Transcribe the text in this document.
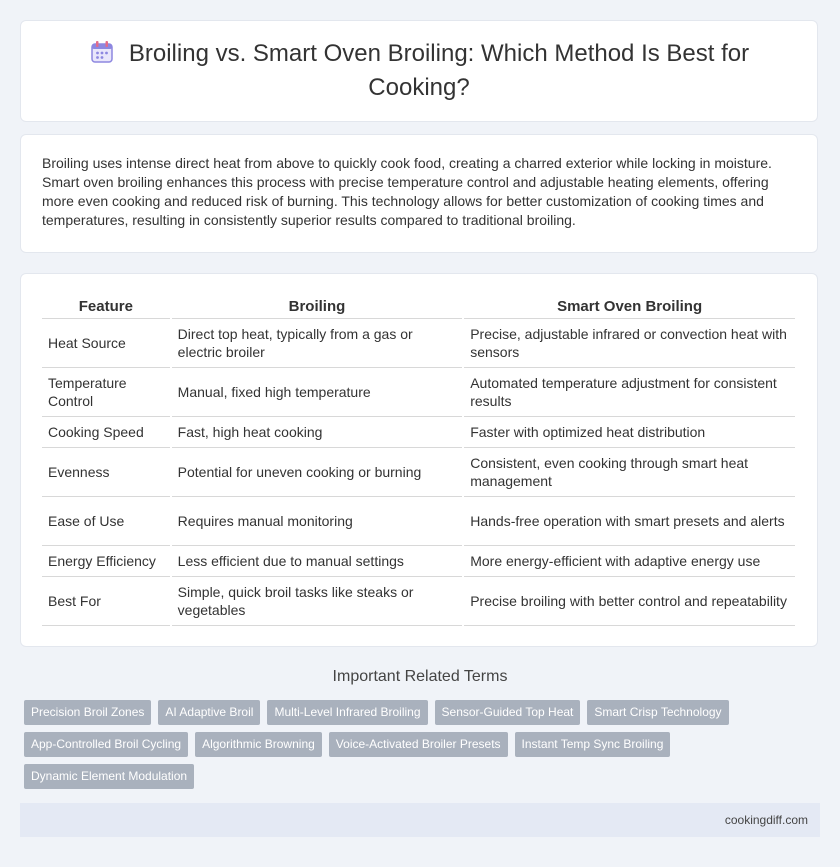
Broiling vs. Smart Oven Broiling: Which Method Is Best for Cooking?

Broiling uses intense direct heat from above to quickly cook food, creating a charred exterior while locking in moisture. Smart oven broiling enhances this process with precise temperature control and adjustable heating elements, offering more even cooking and reduced risk of burning. This technology allows for better customization of cooking times and temperatures, resulting in consistently superior results compared to traditional broiling.

Feature	Broiling	Smart Oven Broiling
Heat Source	Direct top heat, typically from a gas or electric broiler	Precise, adjustable infrared or convection heat with sensors
Temperature Control	Manual, fixed high temperature	Automated temperature adjustment for consistent results
Cooking Speed	Fast, high heat cooking	Faster with optimized heat distribution
Evenness	Potential for uneven cooking or burning	Consistent, even cooking through smart heat management
Ease of Use	Requires manual monitoring	Hands-free operation with smart presets and alerts
Energy Efficiency	Less efficient due to manual settings	More energy-efficient with adaptive energy use
Best For	Simple, quick broil tasks like steaks or vegetables	Precise broiling with better control and repeatability
Important Related Terms
Precision Broil Zones	AI Adaptive Broil	Multi-Level Infrared Broiling	Sensor-Guided Top Heat	Smart Crisp Technology
App-Controlled Broil Cycling	Algorithmic Browning	Voice-Activated Broiler Presets	Instant Temp Sync Broiling
Dynamic Element Modulation
cookingdiff.com
